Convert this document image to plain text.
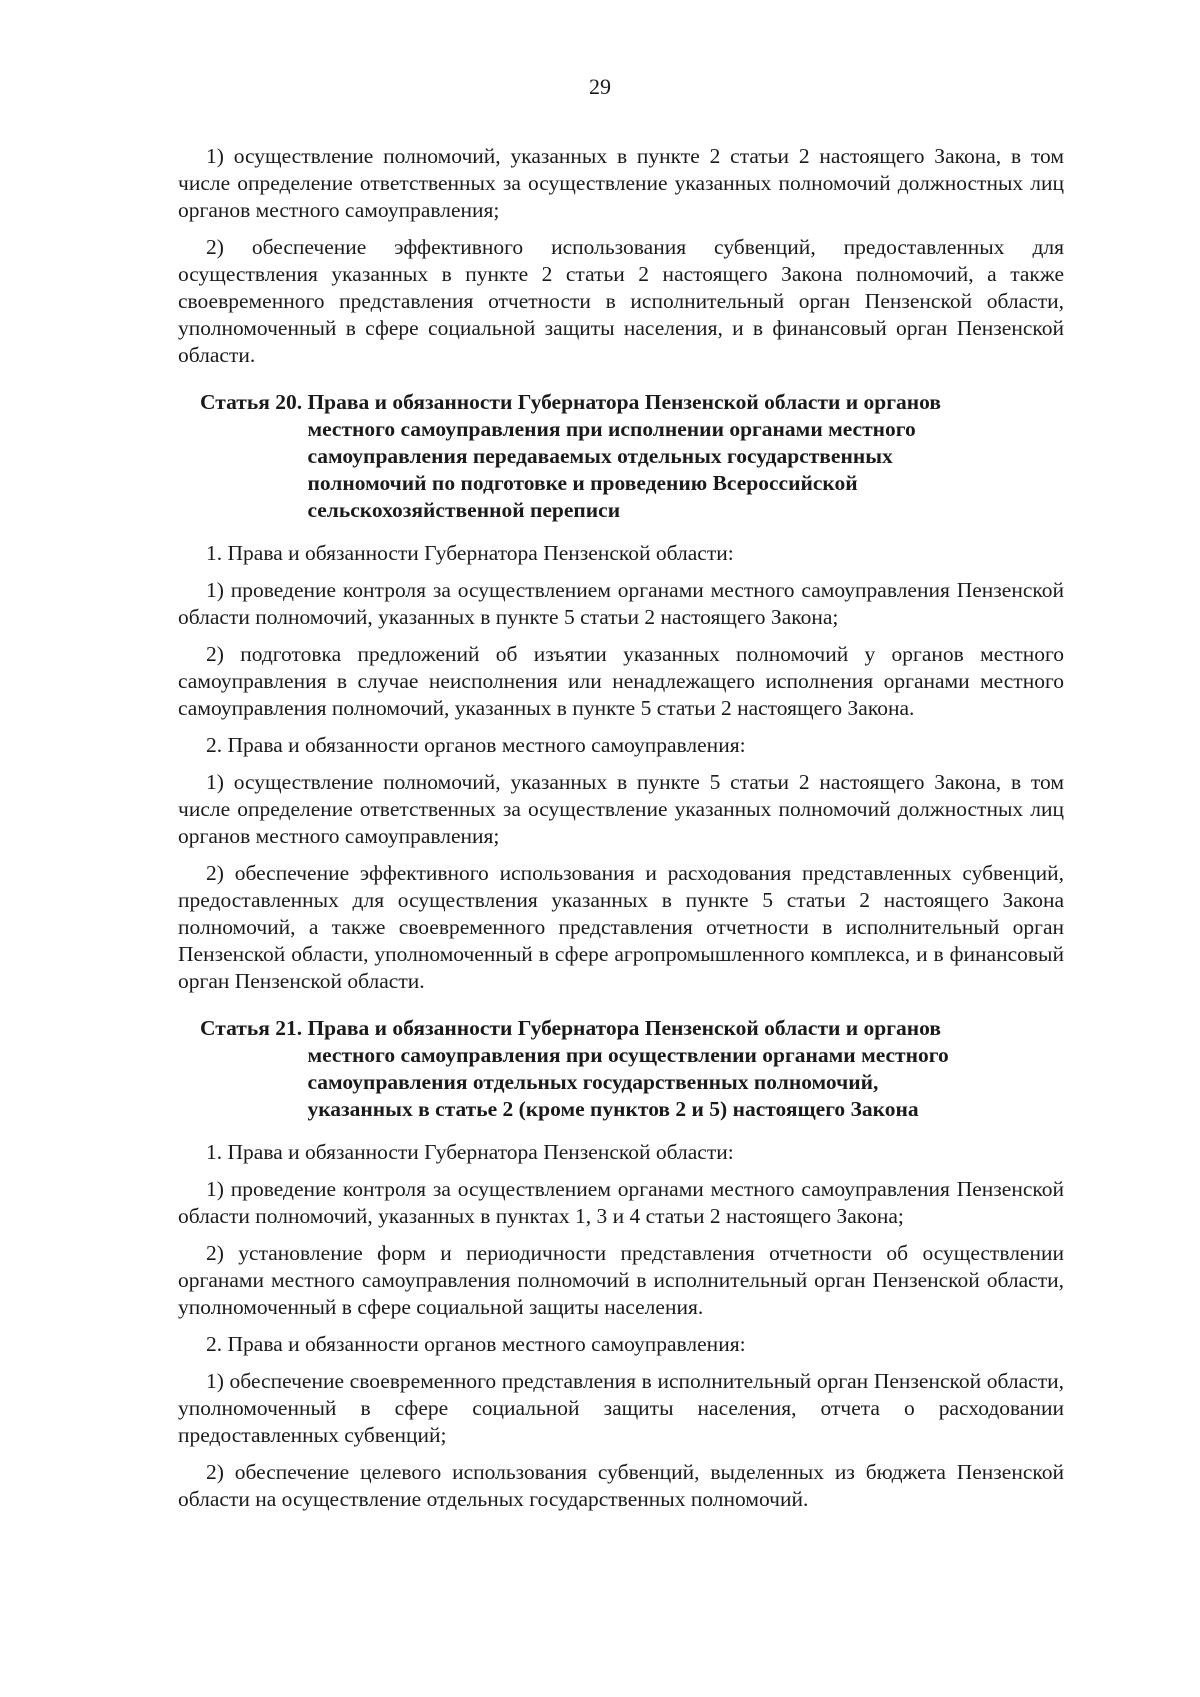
29

1) осуществление полномочий, указанных в пункте 2 статьи 2 настоящего Закона, в том числе определение ответственных за осуществление указанных полномочий должностных лиц органов местного самоуправления;

2) обеспечение эффективного использования субвенций, предоставленных для осуществления указанных в пункте 2 статьи 2 настоящего Закона полномочий, а также своевременного представления отчетности в исполнительный орган Пензенской области, уполномоченный в сфере социальной защиты населения, и в финансовый орган Пензенской области.

Статья 20. Права и обязанности Губернатора Пензенской области и органов
местного самоуправления при исполнении органами местного
самоуправления передаваемых отдельных государственных
полномочий по подготовке и проведению Всероссийской
сельскохозяйственной переписи

1. Права и обязанности Губернатора Пензенской области:

1) проведение контроля за осуществлением органами местного самоуправления Пензенской области полномочий, указанных в пункте 5 статьи 2 настоящего Закона;

2) подготовка предложений об изъятии указанных полномочий у органов местного самоуправления в случае неисполнения или ненадлежащего исполнения органами местного самоуправления полномочий, указанных в пункте 5 статьи 2 настоящего Закона.

2. Права и обязанности органов местного самоуправления:

1) осуществление полномочий, указанных в пункте 5 статьи 2 настоящего Закона, в том числе определение ответственных за осуществление указанных полномочий должностных лиц органов местного самоуправления;

2) обеспечение эффективного использования и расходования представленных субвенций, предоставленных для осуществления указанных в пункте 5 статьи 2 настоящего Закона полномочий, а также своевременного представления отчетности в исполнительный орган Пензенской области, уполномоченный в сфере агропромышленного комплекса, и в финансовый орган Пензенской области.

Статья 21. Права и обязанности Губернатора Пензенской области и органов
местного самоуправления при осуществлении органами местного
самоуправления отдельных государственных полномочий,
указанных в статье 2 (кроме пунктов 2 и 5) настоящего Закона

1. Права и обязанности Губернатора Пензенской области:

1) проведение контроля за осуществлением органами местного самоуправления Пензенской области полномочий, указанных в пунктах 1, 3 и 4 статьи 2 настоящего Закона;

2) установление форм и периодичности представления отчетности об осуществлении органами местного самоуправления полномочий в исполнительный орган Пензенской области, уполномоченный в сфере социальной защиты населения.

2. Права и обязанности органов местного самоуправления:

1) обеспечение своевременного представления в исполнительный орган Пензенской области, уполномоченный в сфере социальной защиты населения, отчета о расходовании предоставленных субвенций;

2) обеспечение целевого использования субвенций, выделенных из бюджета Пензенской области на осуществление отдельных государственных полномочий.
